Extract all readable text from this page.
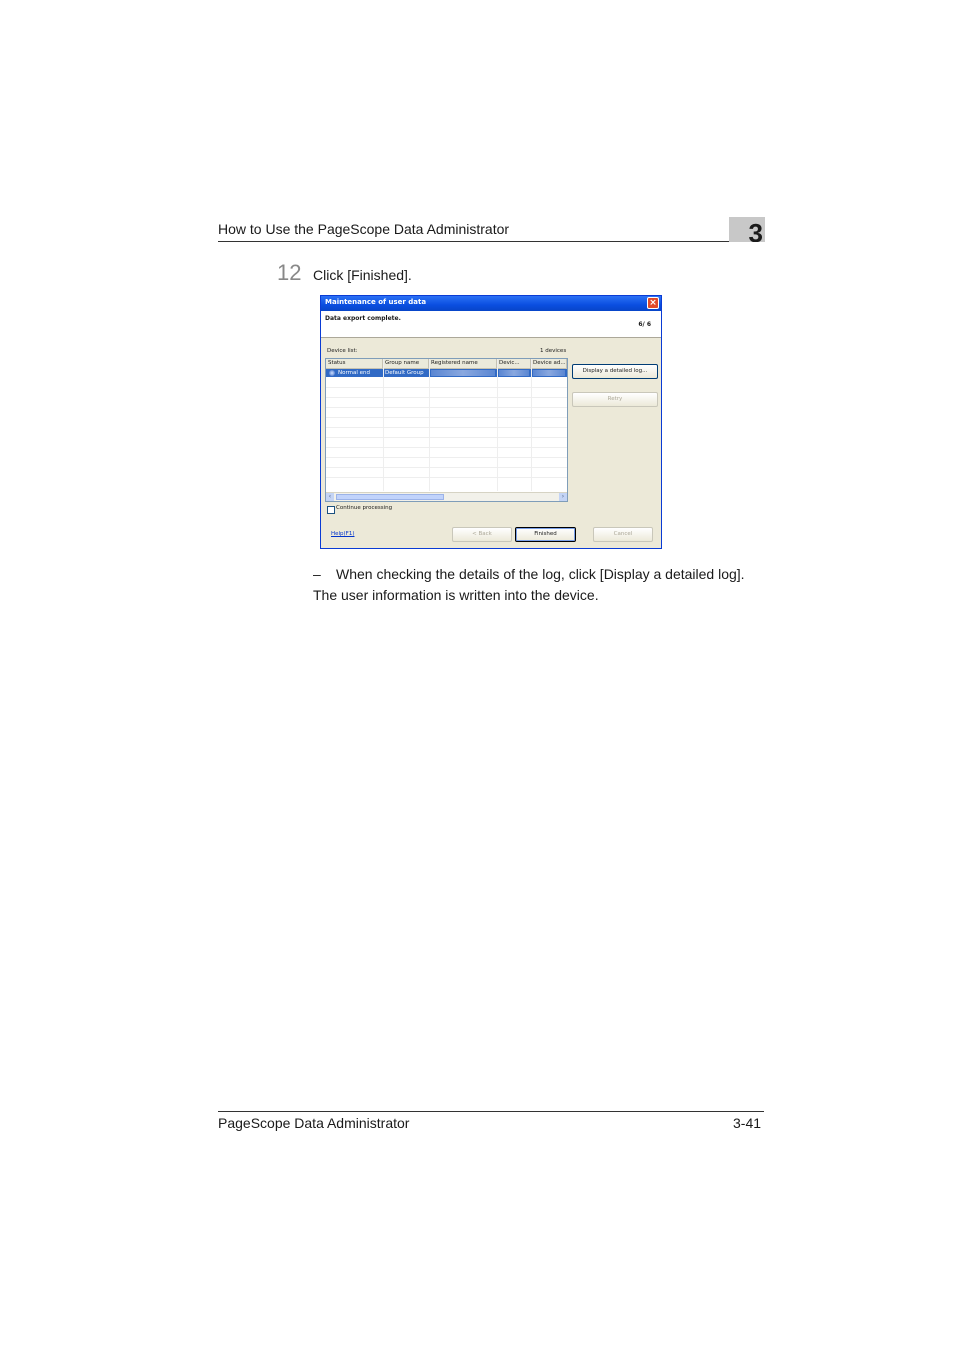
How to Use the PageScope Data Administrator	3
12 Click [Finished].
Maintenance of user data	×
Data export complete.
6/ 6
Device list:	1 devices
Status	Group name	Registered name	Devic...	Device ad...
Normal end	Default Group
‹	›
Display a detailed log...
Retry
Continue processing
Help(F1)	< Back	Finished	Cancel
– When checking the details of the log, click [Display a detailed log].
The user information is written into the device.
PageScope Data Administrator	3-41
